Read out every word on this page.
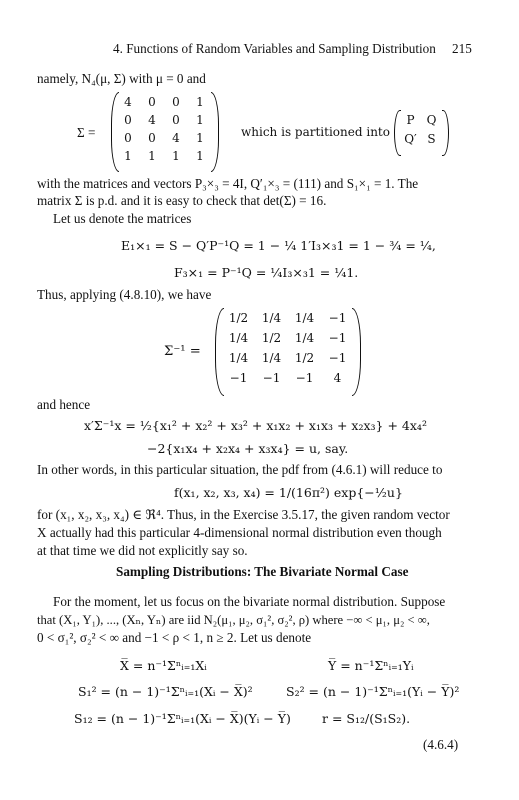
4. Functions of Random Variables and Sampling Distribution 215
namely, N₄(μ, Σ) with μ = 0 and
Σ =
4	0	0	1
0	4	0	1
0	0	4	1
1	1	1	1
which is partitioned into
P	Q
Q′ S
with the matrices and vectors P₃×₃ = 4I, Q′₁×₃ = (111) and S₁×₁ = 1. The
matrix Σ is p.d. and it is easy to check that det(Σ) = 16.
Let us denote the matrices
E₁×₁ = S − Q′P⁻¹Q = 1 − ¼ 1′I₃×₃1 = 1 − ¾ = ¼,
F₃×₁ = P⁻¹Q = ¼I₃×₃1 = ¼1.
Thus, applying (4.8.10), we have
Σ⁻¹ =
1/2	1/4	1/4	−1
1/4	1/2	1/4	−1
1/4	1/4	1/2	−1
−1	−1	−1	4
and hence
x′Σ⁻¹x = ½{x₁² + x₂² + x₃² + x₁x₂ + x₁x₃ + x₂x₃} + 4x₄²
−2{x₁x₄ + x₂x₄ + x₃x₄} = u, say.
In other words, in this particular situation, the pdf from (4.6.1) will reduce to
f(x₁, x₂, x₃, x₄) = 1/(16π²) exp{−½u}
for (x₁, x₂, x₃, x₄) ∈ ℜ⁴. Thus, in the Exercise 3.5.17, the given random vector
X actually had this particular 4-dimensional normal distribution even though
at that time we did not explicitly say so.
Sampling Distributions: The Bivariate Normal Case
For the moment, let us focus on the bivariate normal distribution. Suppose
that (X₁, Y₁), ..., (Xₙ, Yₙ) are iid N₂(μ₁, μ₂, σ₁², σ₂², ρ) where −∞ < μ₁, μ₂ < ∞,
0 < σ₁², σ₂² < ∞ and −1 < ρ < 1, n ≥ 2. Let us denote
X̅ = n⁻¹Σⁿᵢ₌₁Xᵢ	Y̅ = n⁻¹Σⁿᵢ₌₁Yᵢ
S₁² = (n − 1)⁻¹Σⁿᵢ₌₁(Xᵢ − X̅)²	S₂² = (n − 1)⁻¹Σⁿᵢ₌₁(Yᵢ − Y̅)²
S₁₂ = (n − 1)⁻¹Σⁿᵢ₌₁(Xᵢ − X̅)(Yᵢ − Y̅) r = S₁₂/(S₁S₂).
(4.6.4)
